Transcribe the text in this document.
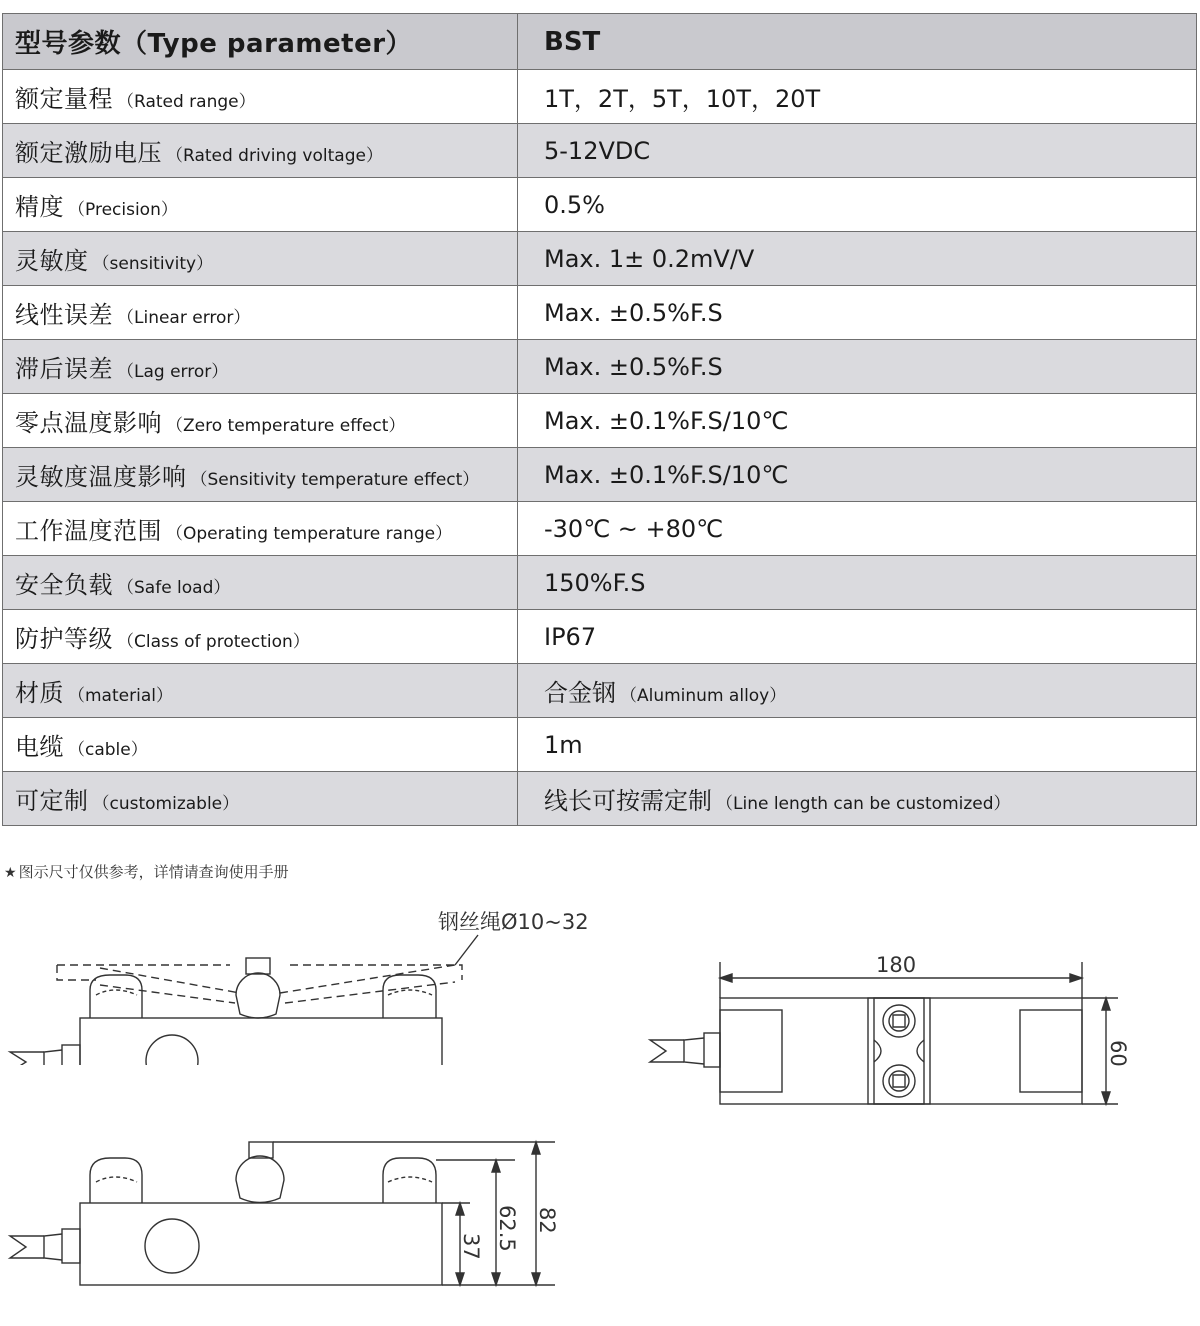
型号参数（Type parameter）	BST
额定量程 （Rated range）	1T，2T，5T，10T，20T
额定激励电压 （Rated driving voltage）	5-12VDC
精度 （Precision）	0.5%
灵敏度 （sensitivity）	Max. 1± 0.2mV/V
线性误差 （Linear error）	Max. ±0.5%F.S
滞后误差 （Lag error）	Max. ±0.5%F.S
零点温度影响 （Zero temperature effect）	Max. ±0.1%F.S/10℃
灵敏度温度影响 （Sensitivity temperature effect）	Max. ±0.1%F.S/10℃
工作温度范围 （Operating temperature range）	-30℃ ~ +80℃
安全负载 （Safe load）	150%F.S
防护等级 （Class of protection）	IP67
材质 （material）	合金钢 （Aluminum alloy）
电缆 （cable）	1m
可定制 （customizable）	线长可按需定制 （Line length can be customized）
★ 图示尺寸仅供参考，详情请查询使用手册
钢丝绳Ø10~32
180
60
37 62.5 82
